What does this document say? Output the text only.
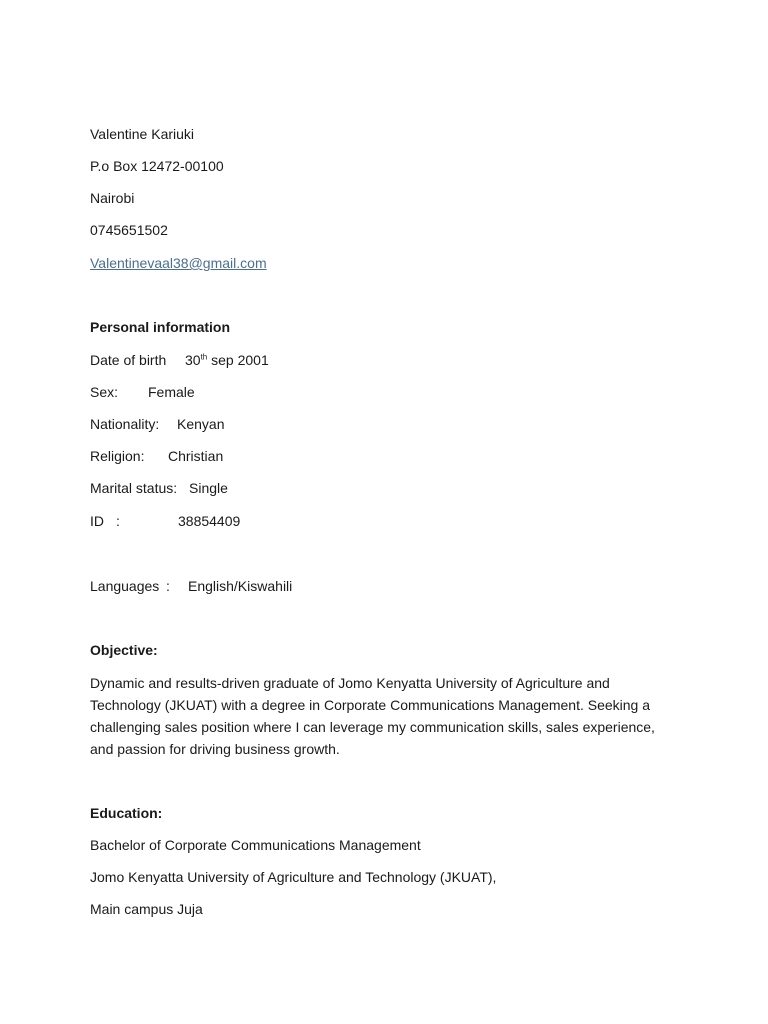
Valentine Kariuki
P.o Box 12472-00100
Nairobi
0745651502
Valentinevaal38@gmail.com
Personal information
Date of birth 30th sep 2001
Sex: Female
Nationality: Kenyan
Religion: Christian
Marital status: Single
ID :	38854409
Languages : English/Kiswahili
Objective:
Dynamic and results-driven graduate of Jomo Kenyatta University of Agriculture and Technology (JKUAT) with a degree in Corporate Communications Management. Seeking a challenging sales position where I can leverage my communication skills, sales experience, and passion for driving business growth.
Education:
Bachelor of Corporate Communications Management
Jomo Kenyatta University of Agriculture and Technology (JKUAT),
Main campus Juja
